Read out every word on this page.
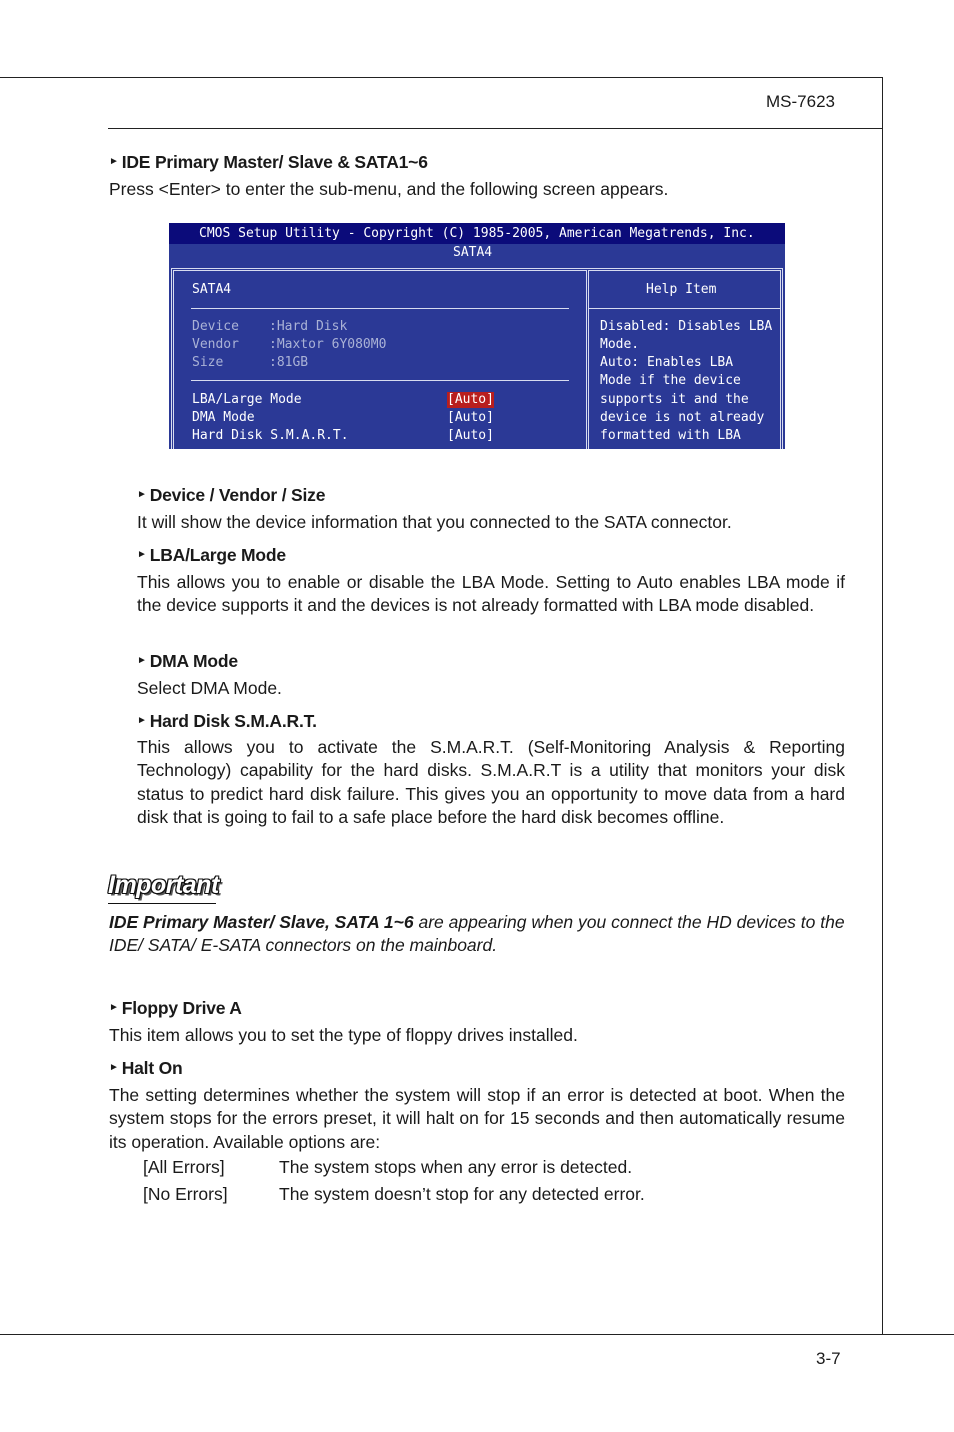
MS-7623
3-7
► IDE Primary Master/ Slave & SATA1~6
Press <Enter> to enter the sub-menu, and the following screen appears.
CMOS Setup Utility - Copyright (C) 1985-2005, American Megatrends, Inc.
SATA4
SATA4
Device :Hard Disk
Vendor :Maxtor 6Y080M0
Size	:81GB
LBA/Large Mode	[Auto]
DMA Mode	[Auto]
Hard Disk S.M.A.R.T.	[Auto]
Help Item
Disabled: Disables LBA
Mode.
Auto: Enables LBA
Mode if the device
supports it and the
device is not already
formatted with LBA
► Device / Vendor / Size
It will show the device information that you connected to the SATA connector.
► LBA/Large Mode
This allows you to enable or disable the LBA Mode. Setting to Auto enables LBA mode if the device supports it and the devices is not already formatted with LBA mode disabled.
► DMA Mode
Select DMA Mode.
► Hard Disk S.M.A.R.T.
This allows you to activate the S.M.A.R.T. (Self-Monitoring Analysis & Reporting Technology) capability for the hard disks. S.M.A.R.T is a utility that monitors your disk status to predict hard disk failure. This gives you an opportunity to move data from a hard disk that is going to fail to a safe place before the hard disk becomes offline.
Important
IDE Primary Master/ Slave, SATA 1~6 are appearing when you connect the HD devices to the IDE/ SATA/ E-SATA connectors on the mainboard.
► Floppy Drive A
This item allows you to set the type of floppy drives installed.
► Halt On
The setting determines whether the system will stop if an error is detected at boot. When the system stops for the errors preset, it will halt on for 15 seconds and then automatically resume its operation. Available options are:
[All Errors]	The system stops when any error is detected.
[No Errors]	The system doesn’t stop for any detected error.
